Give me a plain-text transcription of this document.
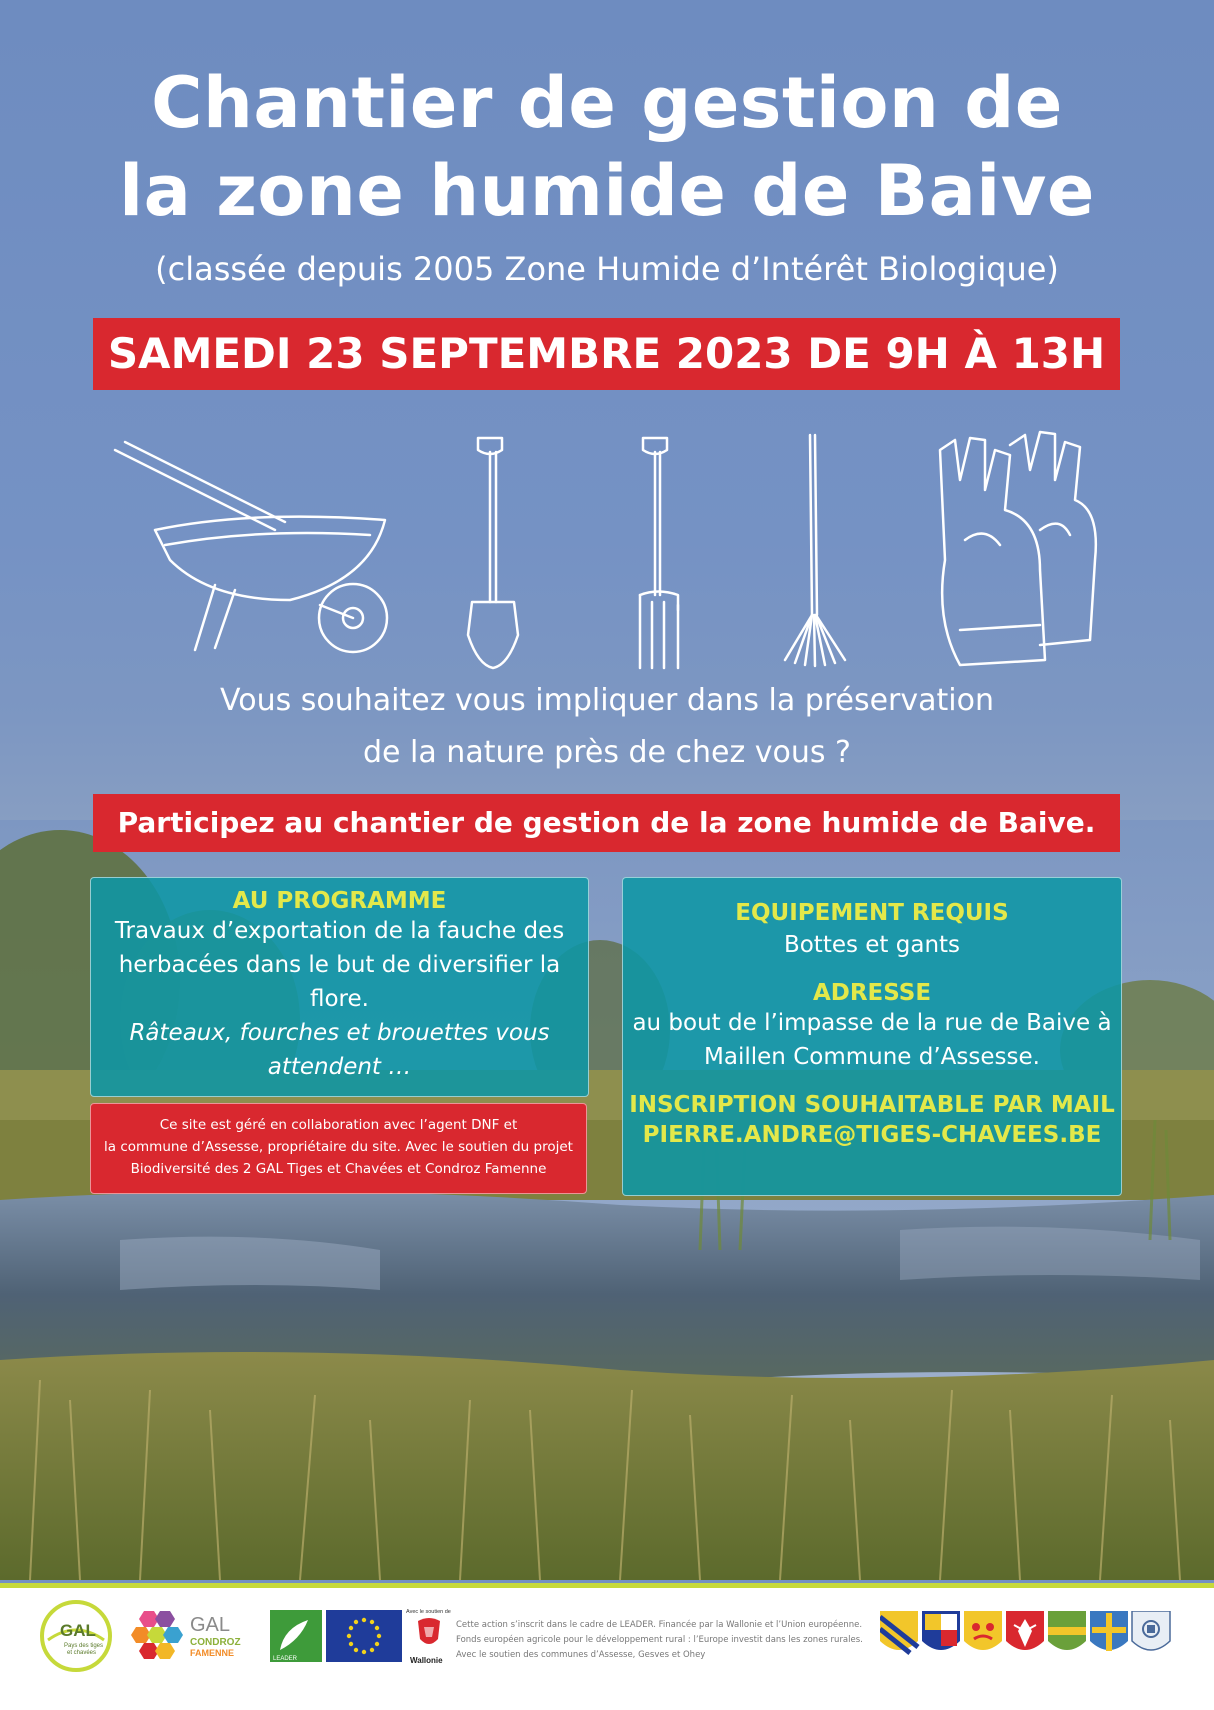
Chantier de gestion de
la zone humide de Baive
(classée depuis 2005 Zone Humide d’Intérêt Biologique)
SAMEDI 23 SEPTEMBRE 2023 DE 9H À 13H
Vous souhaitez vous impliquer dans la préservation
de la nature près de chez vous ?
Participez au chantier de gestion de la zone humide de Baive.
AU PROGRAMME
Travaux d’exportation de la fauche des
herbacées dans le but de diversifier la
flore.
Râteaux, fourches et brouettes vous
attendent …
Ce site est géré en collaboration avec l’agent DNF et
la commune d’Assesse, propriétaire du site. Avec le soutien du projet
Biodiversité des 2 GAL Tiges et Chavées et Condroz Famenne
EQUIPEMENT REQUIS
Bottes et gants
ADRESSE
au bout de l’impasse de la rue de Baive à
Maillen Commune d’Assesse.
INSCRIPTION SOUHAITABLE PAR MAIL
PIERRE.ANDRE@TIGES-CHAVEES.BE
GAL
Pays des tiges
et chavées
GAL
CONDROZ
FAMENNE
LEADER
Avec le soutien de
Wallonie
Cette action s’inscrit dans le cadre de LEADER. Financée par la Wallonie et l’Union européenne.
Fonds européen agricole pour le développement rural : l’Europe investit dans les zones rurales.
Avec le soutien des communes d’Assesse, Gesves et Ohey
